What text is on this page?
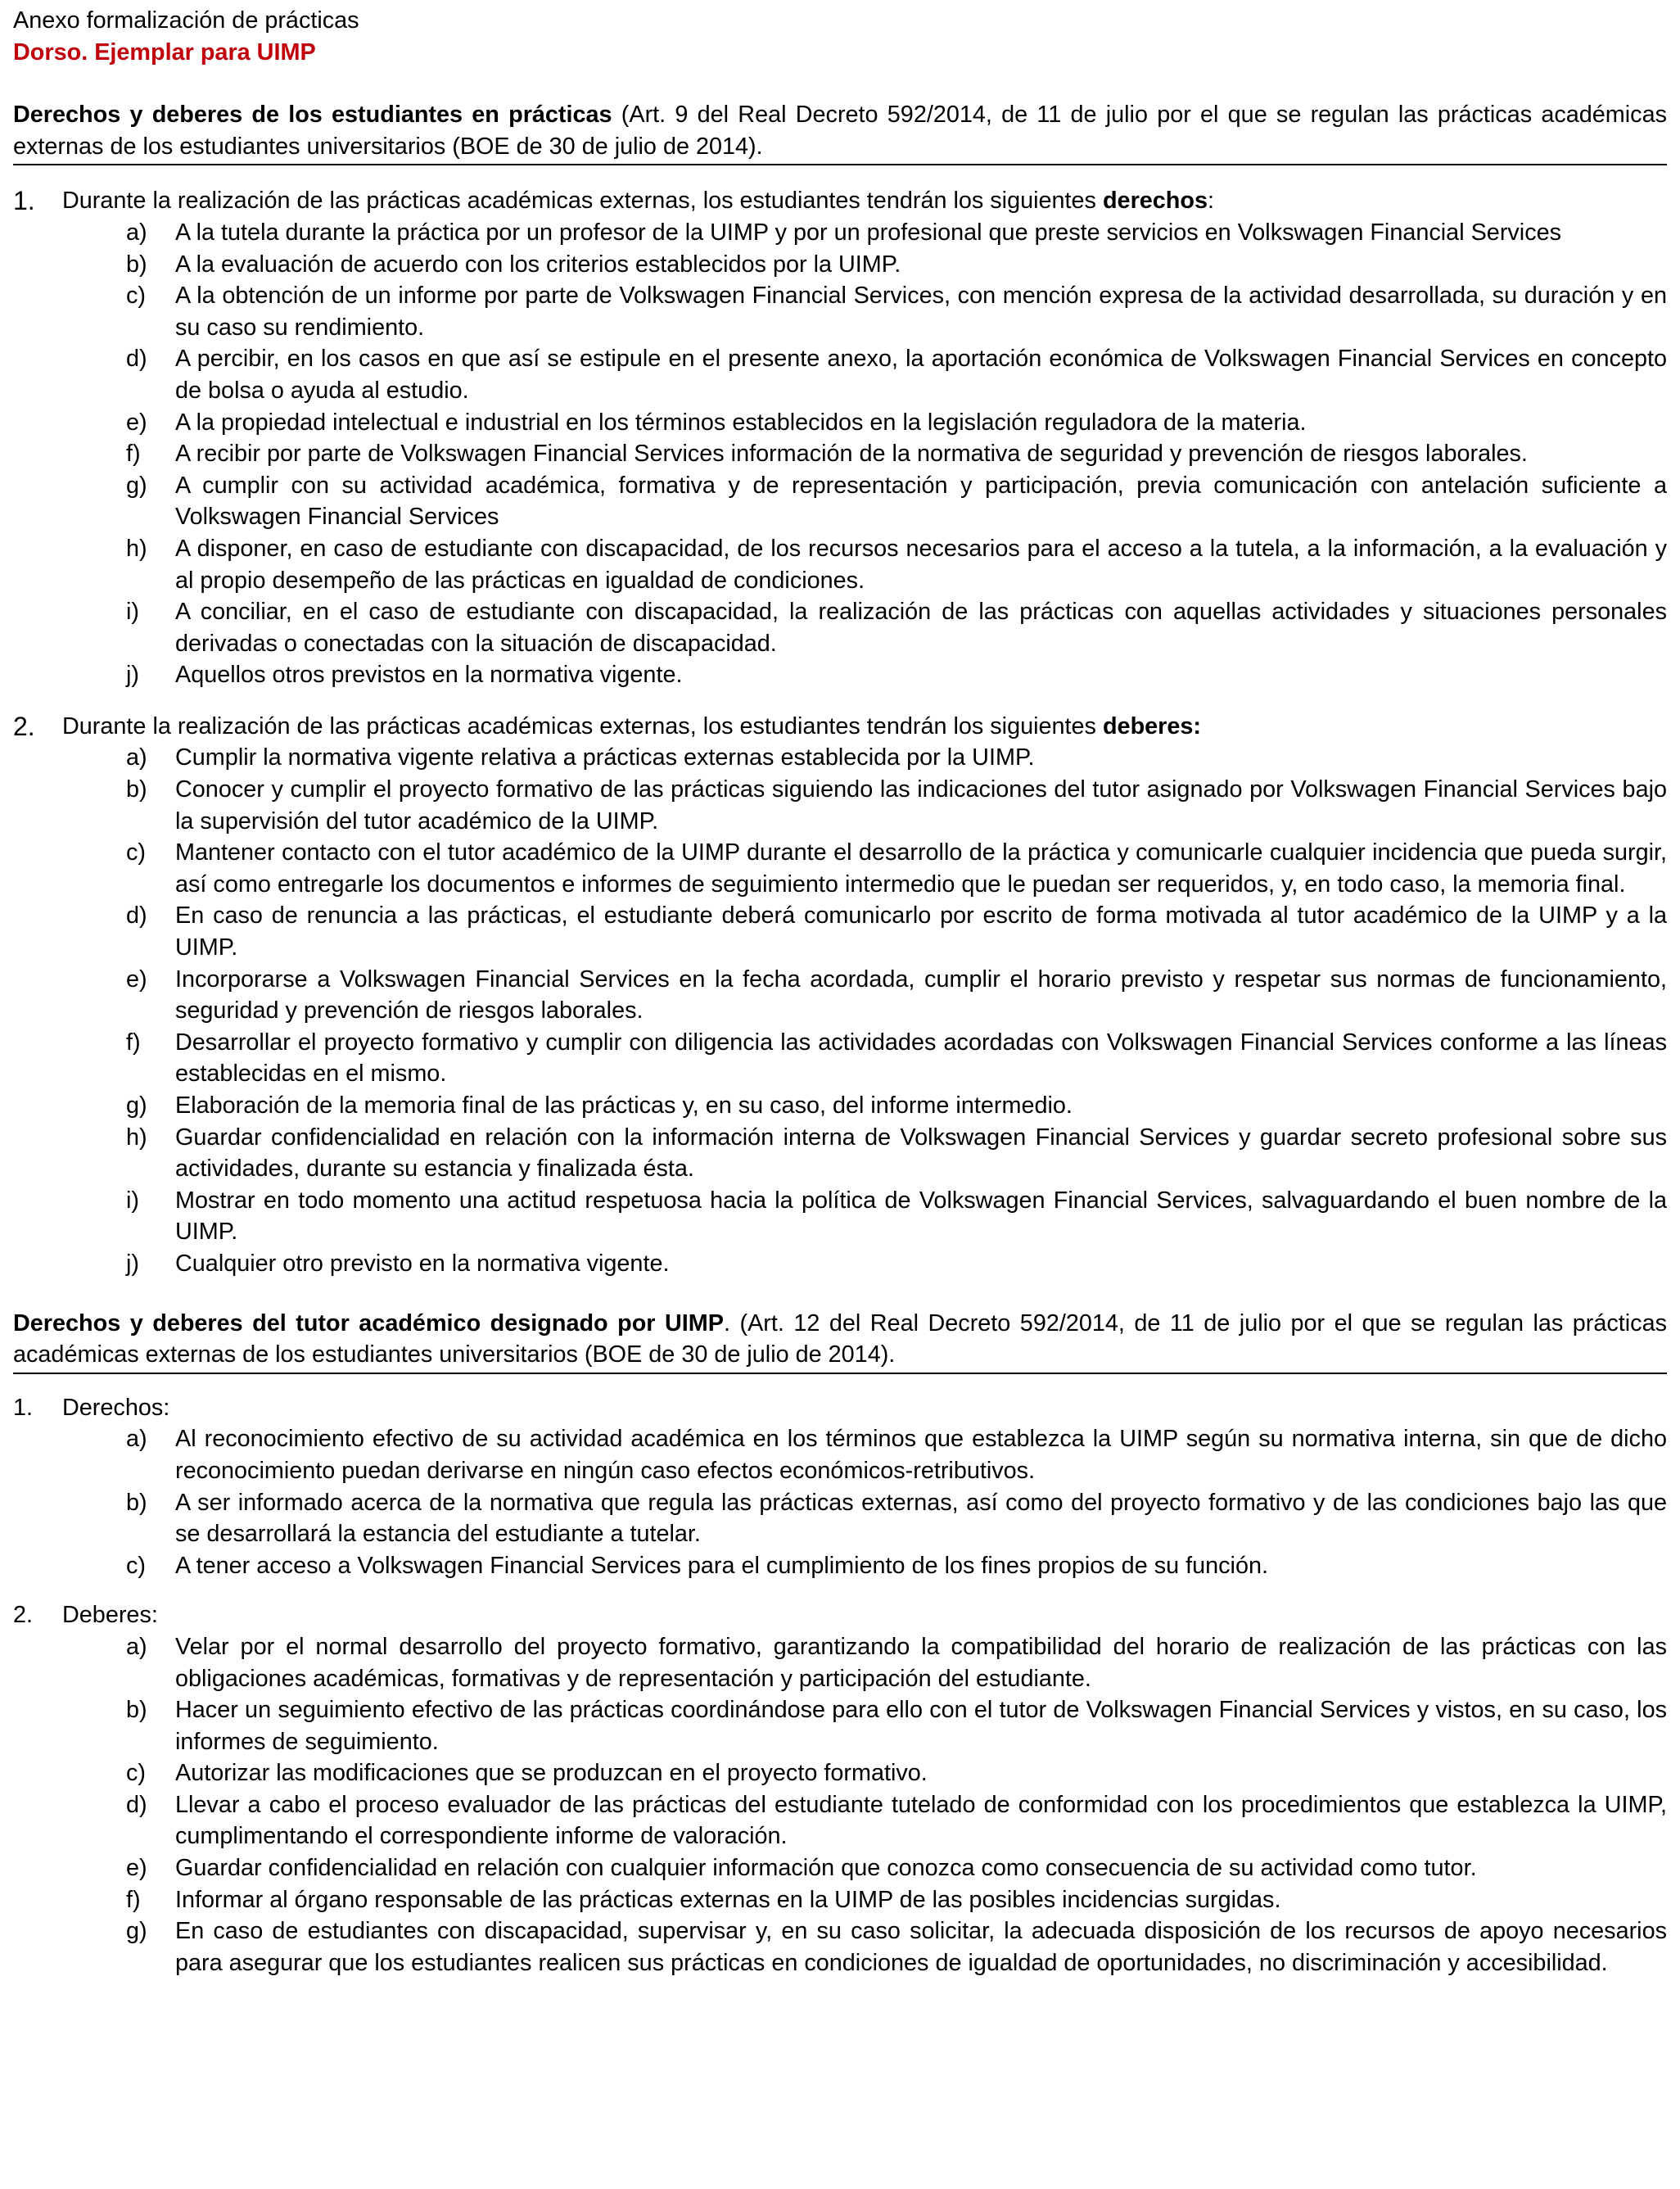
Anexo formalización de prácticas
Dorso. Ejemplar para UIMP
Derechos y deberes de los estudiantes en prácticas (Art. 9 del Real Decreto 592/2014, de 11 de julio por el que se regulan las prácticas académicas externas de los estudiantes universitarios (BOE de 30 de julio de 2014).
1. Durante la realización de las prácticas académicas externas, los estudiantes tendrán los siguientes derechos:
a) A la tutela durante la práctica por un profesor de la UIMP y por un profesional que preste servicios en Volkswagen Financial Services
b) A la evaluación de acuerdo con los criterios establecidos por la UIMP.
c) A la obtención de un informe por parte de Volkswagen Financial Services, con mención expresa de la actividad desarrollada, su duración y en su caso su rendimiento.
d) A percibir, en los casos en que así se estipule en el presente anexo, la aportación económica de Volkswagen Financial Services en concepto de bolsa o ayuda al estudio.
e) A la propiedad intelectual e industrial en los términos establecidos en la legislación reguladora de la materia.
f) A recibir por parte de Volkswagen Financial Services información de la normativa de seguridad y prevención de riesgos laborales.
g) A cumplir con su actividad académica, formativa y de representación y participación, previa comunicación con antelación suficiente a Volkswagen Financial Services
h) A disponer, en caso de estudiante con discapacidad, de los recursos necesarios para el acceso a la tutela, a la información, a la evaluación y al propio desempeño de las prácticas en igualdad de condiciones.
i) A conciliar, en el caso de estudiante con discapacidad, la realización de las prácticas con aquellas actividades y situaciones personales derivadas o conectadas con la situación de discapacidad.
j) Aquellos otros previstos en la normativa vigente.
2. Durante la realización de las prácticas académicas externas, los estudiantes tendrán los siguientes deberes:
a) Cumplir la normativa vigente relativa a prácticas externas establecida por la UIMP.
b) Conocer y cumplir el proyecto formativo de las prácticas siguiendo las indicaciones del tutor asignado por Volkswagen Financial Services bajo la supervisión del tutor académico de la UIMP.
c) Mantener contacto con el tutor académico de la UIMP durante el desarrollo de la práctica y comunicarle cualquier incidencia que pueda surgir, así como entregarle los documentos e informes de seguimiento intermedio que le puedan ser requeridos, y, en todo caso, la memoria final.
d) En caso de renuncia a las prácticas, el estudiante deberá comunicarlo por escrito de forma motivada al tutor académico de la UIMP y a la UIMP.
e) Incorporarse a Volkswagen Financial Services en la fecha acordada, cumplir el horario previsto y respetar sus normas de funcionamiento, seguridad y prevención de riesgos laborales.
f) Desarrollar el proyecto formativo y cumplir con diligencia las actividades acordadas con Volkswagen Financial Services conforme a las líneas establecidas en el mismo.
g) Elaboración de la memoria final de las prácticas y, en su caso, del informe intermedio.
h) Guardar confidencialidad en relación con la información interna de Volkswagen Financial Services y guardar secreto profesional sobre sus actividades, durante su estancia y finalizada ésta.
i) Mostrar en todo momento una actitud respetuosa hacia la política de Volkswagen Financial Services, salvaguardando el buen nombre de la UIMP.
j) Cualquier otro previsto en la normativa vigente.
Derechos y deberes del tutor académico designado por UIMP. (Art. 12 del Real Decreto 592/2014, de 11 de julio por el que se regulan las prácticas académicas externas de los estudiantes universitarios (BOE de 30 de julio de 2014).
1. Derechos:
a) Al reconocimiento efectivo de su actividad académica en los términos que establezca la UIMP según su normativa interna, sin que de dicho reconocimiento puedan derivarse en ningún caso efectos económicos-retributivos.
b) A ser informado acerca de la normativa que regula las prácticas externas, así como del proyecto formativo y de las condiciones bajo las que se desarrollará la estancia del estudiante a tutelar.
c) A tener acceso a Volkswagen Financial Services para el cumplimiento de los fines propios de su función.
2. Deberes:
a) Velar por el normal desarrollo del proyecto formativo, garantizando la compatibilidad del horario de realización de las prácticas con las obligaciones académicas, formativas y de representación y participación del estudiante.
b) Hacer un seguimiento efectivo de las prácticas coordinándose para ello con el tutor de Volkswagen Financial Services y vistos, en su caso, los informes de seguimiento.
c) Autorizar las modificaciones que se produzcan en el proyecto formativo.
d) Llevar a cabo el proceso evaluador de las prácticas del estudiante tutelado de conformidad con los procedimientos que establezca la UIMP, cumplimentando el correspondiente informe de valoración.
e) Guardar confidencialidad en relación con cualquier información que conozca como consecuencia de su actividad como tutor.
f) Informar al órgano responsable de las prácticas externas en la UIMP de las posibles incidencias surgidas.
g) En caso de estudiantes con discapacidad, supervisar y, en su caso solicitar, la adecuada disposición de los recursos de apoyo necesarios para asegurar que los estudiantes realicen sus prácticas en condiciones de igualdad de oportunidades, no discriminación y accesibilidad.
